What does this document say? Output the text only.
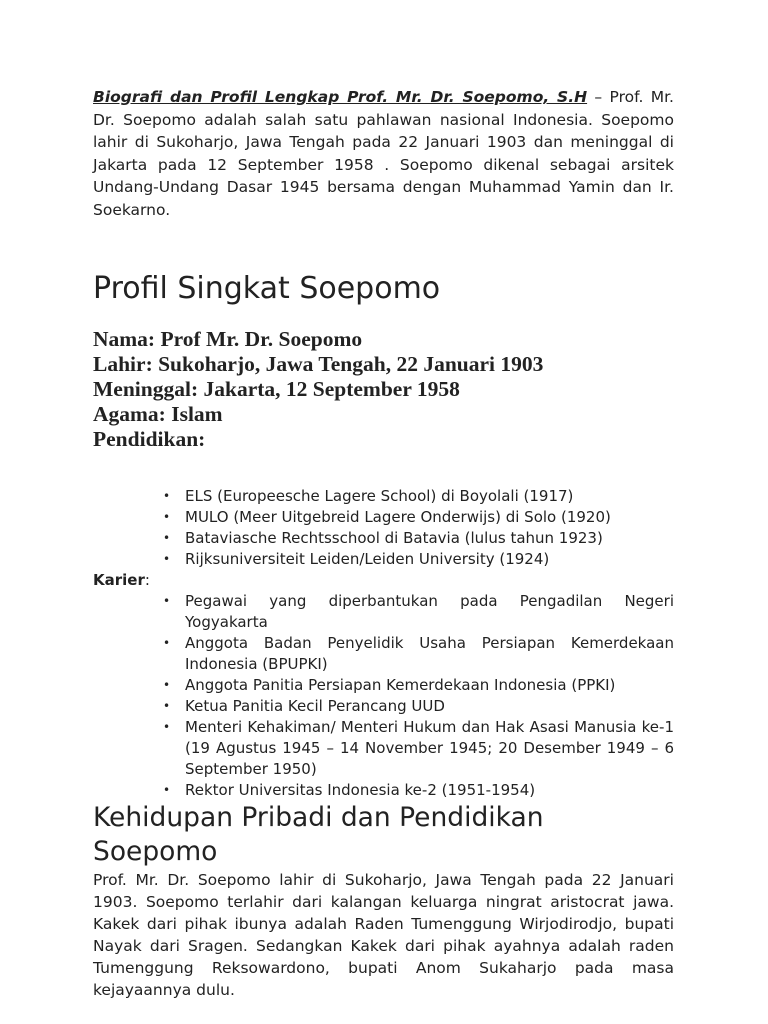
Biografi dan Profil Lengkap Prof. Mr. Dr. Soepomo, S.H – Prof. Mr. Dr. Soepomo adalah salah satu pahlawan nasional Indonesia. Soepomo lahir di Sukoharjo, Jawa Tengah pada 22 Januari 1903 dan meninggal di Jakarta pada 12 September 1958 . Soepomo dikenal sebagai arsitek Undang-Undang Dasar 1945 bersama dengan Muhammad Yamin dan Ir. Soekarno.

Profil Singkat Soepomo
Nama: Prof Mr. Dr. Soepomo
Lahir: Sukoharjo, Jawa Tengah, 22 Januari 1903
Meninggal: Jakarta, 12 September 1958
Agama: Islam
Pendidikan:
• ELS (Europeesche Lagere School) di Boyolali (1917)
• MULO (Meer Uitgebreid Lagere Onderwijs) di Solo (1920)
• Bataviasche Rechtsschool di Batavia (lulus tahun 1923)
• Rijksuniversiteit Leiden/Leiden University (1924)
Karier:
• Pegawai yang diperbantukan pada Pengadilan Negeri Yogyakarta
• Anggota Badan Penyelidik Usaha Persiapan Kemerdekaan Indonesia (BPUPKI)
• Anggota Panitia Persiapan Kemerdekaan Indonesia (PPKI)
• Ketua Panitia Kecil Perancang UUD
• Menteri Kehakiman/ Menteri Hukum dan Hak Asasi Manusia ke-1 (19 Agustus 1945 – 14 November 1945; 20 Desember 1949 – 6 September 1950)
• Rektor Universitas Indonesia ke-2 (1951-1954)
Kehidupan Pribadi dan Pendidikan Soepomo

Prof. Mr. Dr. Soepomo lahir di Sukoharjo, Jawa Tengah pada 22 Januari 1903. Soepomo terlahir dari kalangan keluarga ningrat aristocrat jawa. Kakek dari pihak ibunya adalah Raden Tumenggung Wirjodirodjo, bupati Nayak dari Sragen. Sedangkan Kakek dari pihak ayahnya adalah raden Tumenggung Reksowardono, bupati Anom Sukaharjo pada masa kejayaannya dulu.
